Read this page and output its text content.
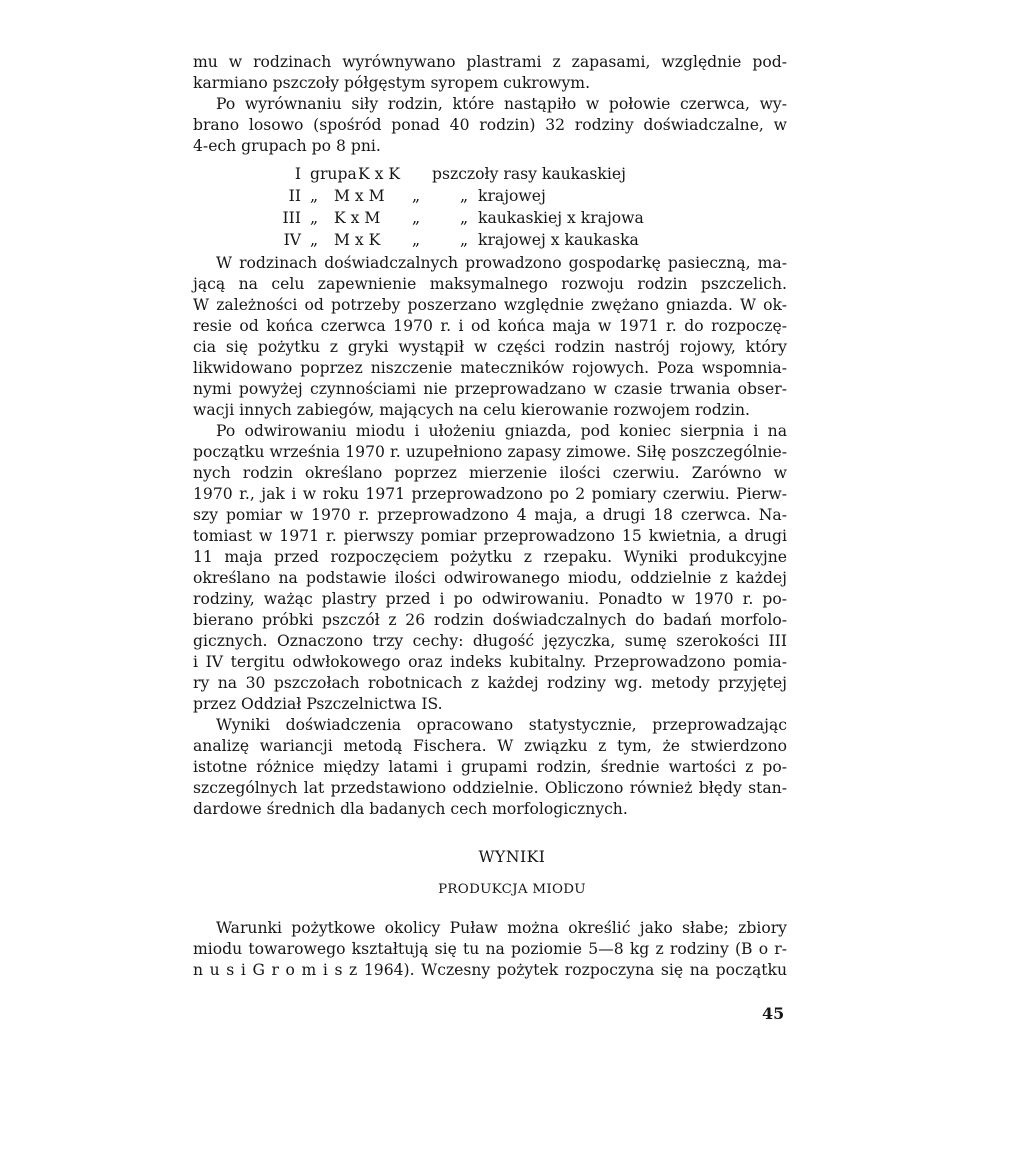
mu w rodzinach wyrównywano plastrami z zapasami, względnie pod-
karmiano pszczoły półgęstym syropem cukrowym.
Po wyrównaniu siły rodzin, które nastąpiło w połowie czerwca, wy-
brano losowo (spośród ponad 40 rodzin) 32 rodziny doświadczalne, w
4-ech grupach po 8 pni.
I grupa K x K pszczoły rasy kaukaskiej
II „ M x M „	„ krajowej
III „ K x M „	„ kaukaskiej x krajowa
IV „ M x K „	„ krajowej x kaukaska
W rodzinach doświadczalnych prowadzono gospodarkę pasieczną, ma-
jącą na celu zapewnienie maksymalnego rozwoju rodzin pszczelich.
W zależności od potrzeby poszerzano względnie zwężano gniazda. W ok-
resie od końca czerwca 1970 r. i od końca maja w 1971 r. do rozpoczę-
cia się pożytku z gryki wystąpił w części rodzin nastrój rojowy, który
likwidowano poprzez niszczenie mateczników rojowych. Poza wspomnia-
nymi powyżej czynnościami nie przeprowadzano w czasie trwania obser-
wacji innych zabiegów, mających na celu kierowanie rozwojem rodzin.
Po odwirowaniu miodu i ułożeniu gniazda, pod koniec sierpnia i na
początku września 1970 r. uzupełniono zapasy zimowe. Siłę poszczególnie-
nych rodzin określano poprzez mierzenie ilości czerwiu. Zarówno w
1970 r., jak i w roku 1971 przeprowadzono po 2 pomiary czerwiu. Pierw-
szy pomiar w 1970 r. przeprowadzono 4 maja, a drugi 18 czerwca. Na-
tomiast w 1971 r. pierwszy pomiar przeprowadzono 15 kwietnia, a drugi
11 maja przed rozpoczęciem pożytku z rzepaku. Wyniki produkcyjne
określano na podstawie ilości odwirowanego miodu, oddzielnie z każdej
rodziny, ważąc plastry przed i po odwirowaniu. Ponadto w 1970 r. po-
bierano próbki pszczół z 26 rodzin doświadczalnych do badań morfolo-
gicznych. Oznaczono trzy cechy: długość języczka, sumę szerokości III
i IV tergitu odwłokowego oraz indeks kubitalny. Przeprowadzono pomia-
ry na 30 pszczołach robotnicach z każdej rodziny wg. metody przyjętej
przez Oddział Pszczelnictwa IS.
Wyniki doświadczenia opracowano statystycznie, przeprowadzając
analizę wariancji metodą Fischera. W związku z tym, że stwierdzono
istotne różnice między latami i grupami rodzin, średnie wartości z po-
szczególnych lat przedstawiono oddzielnie. Obliczono również błędy stan-
dardowe średnich dla badanych cech morfologicznych.
WYNIKI
PRODUKCJA MIODU
Warunki pożytkowe okolicy Puław można określić jako słabe; zbiory
miodu towarowego kształtują się tu na poziomie 5—8 kg z rodziny (B o r-
n u s i G r o m i s z 1964). Wczesny pożytek rozpoczyna się na początku
45
